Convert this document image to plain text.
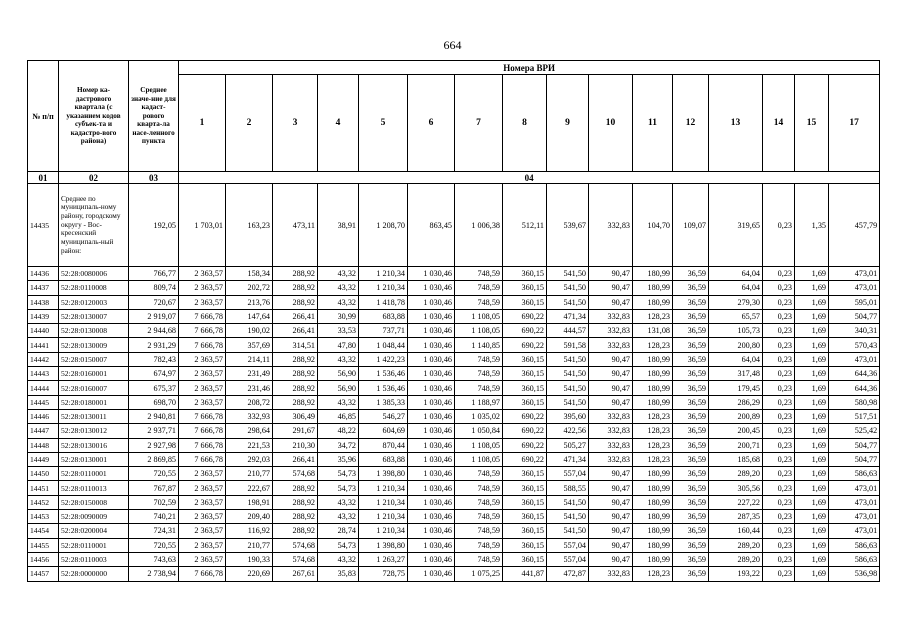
664
№ п/п	Номер ка-дастрового квартала (с указанием кодов субъек-та и кадастро-вого района)	Среднее значе-ние для кадаст-рового кварта-ла насе-ленного пункта	Номера ВРИ															
			1	2	3	4	5	6	7	8	9	10	11	12	13	14	15	17
01	02	03	04															
14435	Среднее по муниципаль-ному району, городскому округу - Вос-кресенский муниципаль-ный район:	192,05	1 703,01	163,23	473,11	38,91	1 208,70	863,45	1 006,38	512,11	539,67	332,83	104,70	109,07	319,65	0,23	1,35	457,79
14436	52:28:0080006	766,77	2 363,57	158,34	288,92	43,32	1 210,34	1 030,46	748,59	360,15	541,50	90,47	180,99	36,59	64,04	0,23	1,69	473,01
14437	52:28:0110008	809,74	2 363,57	202,72	288,92	43,32	1 210,34	1 030,46	748,59	360,15	541,50	90,47	180,99	36,59	64,04	0,23	1,69	473,01
14438	52:28:0120003	720,67	2 363,57	213,76	288,92	43,32	1 418,78	1 030,46	748,59	360,15	541,50	90,47	180,99	36,59	279,30	0,23	1,69	595,01
14439	52:28:0130007	2 919,07	7 666,78	147,64	266,41	30,99	683,88	1 030,46	1 108,05	690,22	471,34	332,83	128,23	36,59	65,57	0,23	1,69	504,77
14440	52:28:0130008	2 944,68	7 666,78	190,02	266,41	33,53	737,71	1 030,46	1 108,05	690,22	444,57	332,83	131,08	36,59	105,73	0,23	1,69	340,31
14441	52:28:0130009	2 931,29	7 666,78	357,69	314,51	47,80	1 048,44	1 030,46	1 140,85	690,22	591,58	332,83	128,23	36,59	200,80	0,23	1,69	570,43
14442	52:28:0150007	782,43	2 363,57	214,11	288,92	43,32	1 422,23	1 030,46	748,59	360,15	541,50	90,47	180,99	36,59	64,04	0,23	1,69	473,01
14443	52:28:0160001	674,97	2 363,57	231,49	288,92	56,90	1 536,46	1 030,46	748,59	360,15	541,50	90,47	180,99	36,59	317,48	0,23	1,69	644,36
14444	52:28:0160007	675,37	2 363,57	231,46	288,92	56,90	1 536,46	1 030,46	748,59	360,15	541,50	90,47	180,99	36,59	179,45	0,23	1,69	644,36
14445	52:28:0180001	698,70	2 363,57	208,72	288,92	43,32	1 385,33	1 030,46	1 188,97	360,15	541,50	90,47	180,99	36,59	286,29	0,23	1,69	580,98
14446	52:28:0130011	2 940,81	7 666,78	332,93	306,49	46,85	546,27	1 030,46	1 035,02	690,22	395,60	332,83	128,23	36,59	200,89	0,23	1,69	517,51
14447	52:28:0130012	2 937,71	7 666,78	298,64	291,67	48,22	604,69	1 030,46	1 050,84	690,22	422,56	332,83	128,23	36,59	200,45	0,23	1,69	525,42
14448	52:28:0130016	2 927,98	7 666,78	221,53	210,30	34,72	870,44	1 030,46	1 108,05	690,22	505,27	332,83	128,23	36,59	200,71	0,23	1,69	504,77
14449	52:28:0130001	2 869,85	7 666,78	292,03	266,41	35,96	683,88	1 030,46	1 108,05	690,22	471,34	332,83	128,23	36,59	185,68	0,23	1,69	504,77
14450	52:28:0110001	720,55	2 363,57	210,77	574,68	54,73	1 398,80	1 030,46	748,59	360,15	557,04	90,47	180,99	36,59	289,20	0,23	1,69	586,63
14451	52:28:0110013	767,87	2 363,57	222,67	288,92	54,73	1 210,34	1 030,46	748,59	360,15	588,55	90,47	180,99	36,59	305,56	0,23	1,69	473,01
14452	52:28:0150008	702,59	2 363,57	198,91	288,92	43,32	1 210,34	1 030,46	748,59	360,15	541,50	90,47	180,99	36,59	227,22	0,23	1,69	473,01
14453	52:28:0090009	740,21	2 363,57	209,40	288,92	43,32	1 210,34	1 030,46	748,59	360,15	541,50	90,47	180,99	36,59	287,35	0,23	1,69	473,01
14454	52:28:0200004	724,31	2 363,57	116,92	288,92	28,74	1 210,34	1 030,46	748,59	360,15	541,50	90,47	180,99	36,59	160,44	0,23	1,69	473,01
14455	52:28:0110001	720,55	2 363,57	210,77	574,68	54,73	1 398,80	1 030,46	748,59	360,15	557,04	90,47	180,99	36,59	289,20	0,23	1,69	586,63
14456	52:28:0110003	743,63	2 363,57	190,33	574,68	43,32	1 263,27	1 030,46	748,59	360,15	557,04	90,47	180,99	36,59	289,20	0,23	1,69	586,63
14457	52:28:0000000	2 738,94	7 666,78	220,69	267,61	35,83	728,75	1 030,46	1 075,25	441,87	472,87	332,83	128,23	36,59	193,22	0,23	1,69	536,98
